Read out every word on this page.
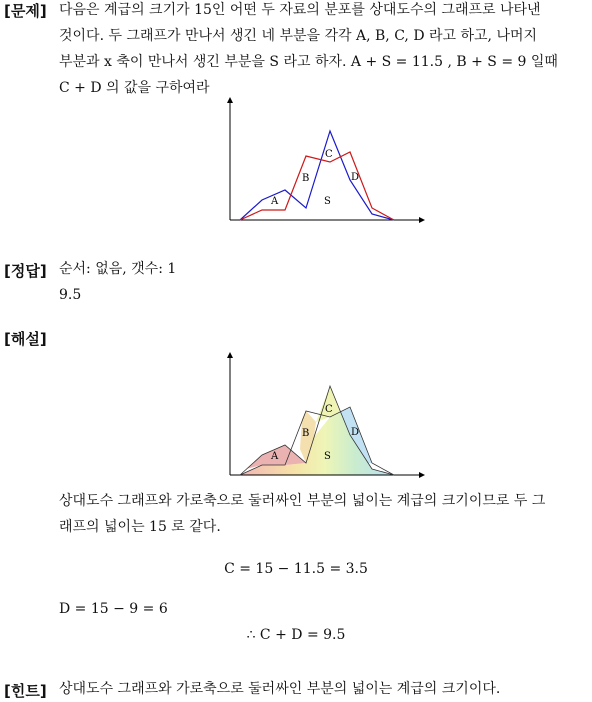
[문제] 다음은 계급의 크기가 15인 어떤 두 자료의 분포를 상대도수의 그래프로 나타낸
것이다. 두 그래프가 만나서 생긴 네 부분을 각각 A, B, C, D 라고 하고, 나머지
부분과 x 축이 만나서 생긴 부분을 S 라고 하자. A + S = 11.5 , B + S = 9 일때
C + D 의 값을 구하여라
A
B
C
D
S
[정답] 순서: 없음, 갯수: 1
9.5
[해설]
A
B
C
D
S
상대도수 그래프와 가로축으로 둘러싸인 부분의 넓이는 계급의 크기이므로 두 그
래프의 넓이는 15 로 같다.
C = 15 − 11.5 = 3.5
D = 15 − 9 = 6
∴ C + D = 9.5
[힌트] 상대도수 그래프와 가로축으로 둘러싸인 부분의 넓이는 계급의 크기이다.
